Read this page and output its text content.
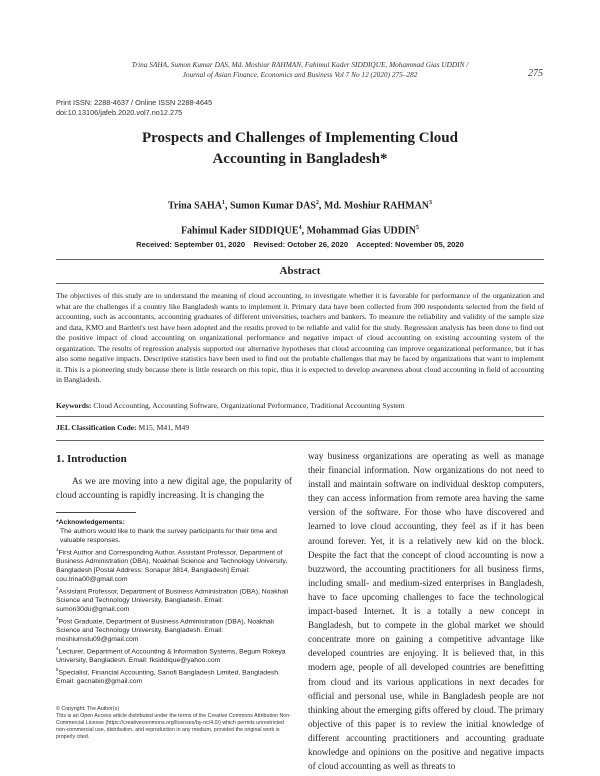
Trina SAHA, Sumon Kumar DAS, Md. Moshiur RAHMAN, Fahimul Kader SIDDIQUE, Mohammad Gias UDDIN /
Journal of Asian Finance, Economics and Business Vol 7 No 12 (2020) 275–282	275
Print ISSN: 2288-4637 / Online ISSN 2288-4645
doi:10.13106/jafeb.2020.vol7.no12.275
Prospects and Challenges of Implementing Cloud
Accounting in Bangladesh*
Trina SAHA$^1$, Sumon Kumar DAS$^2$, Md. Moshiur RAHMAN$^3$
Fahimul Kader SIDDIQUE$^4$, Mohammad Gias UDDIN$^5$
Received: September 01, 2020    Revised: October 26, 2020    Accepted: November 05, 2020
Abstract
The objectives of this study are to understand the meaning of cloud accounting, to investigate whether it is favorable for performance of the organization and what are the challenges if a country like Bangladesh wants to implement it. Primary data have been collected from 300 respondents selected from the field of accounting, such as accountants, accounting graduates of different universities, teachers and bankers. To measure the reliability and validity of the sample size and data, KMO and Bartlett's test have been adopted and the results proved to be reliable and valid for the study. Regression analysis has been done to find out the positive impact of cloud accounting on organizational performance and negative impact of cloud accounting on existing accounting system of the organization. The results of regression analysis supported our alternative hypotheses that cloud accounting can improve organizational performance, but it has also some negative impacts. Descriptive statistics have been used to find out the probable challenges that may be faced by organizations that want to implement it. This is a pioneering study because there is little research on this topic, thus it is expected to develop awareness about cloud accounting in field of accounting in Bangladesh.
Keywords: Cloud Accounting, Accounting Software, Organizational Performance, Traditional Accounting System
JEL Classification Code: M15, M41, M49
1. Introduction
As we are moving into a new digital age, the popularity of cloud accounting is rapidly increasing. It is changing the
way business organizations are operating as well as manage their financial information. Now organizations do not need to install and maintain software on individual desktop computers, they can access information from remote area having the same version of the software. For those who have discovered and learned to love cloud accounting, they feel as if it has been around forever. Yet, it is a relatively new kid on the block. Despite the fact that the concept of cloud accounting is now a buzzword, the accounting practitioners for all business firms, including small- and medium-sized enterprises in Bangladesh, have to face upcoming challenges to face the technological impact-based Internet. It is a totally a new concept in Bangladesh, but to compete in the global market we should concentrate more on gaining a competitive advantage like developed countries are enjoying. It is believed that, in this modern age, people of all developed countries are benefitting from cloud and its various applications in next decades for official and personal use, while in Bangladesh people are not thinking about the emerging gifts offered by cloud. The primary objective of this paper is to review the initial knowledge of different accounting practitioners and accounting graduate knowledge and opinions on the positive and negative impacts of cloud accounting as well as threats to
*Acknowledgements:
The authors would like to thank the survey participants for their time and valuable responses.
$^1$First Author and Corresponding Author. Assistant Professor, Department of Business Administration (DBA), Noakhali Science and Technology University, Bangladesh [Postal Address: Sonapur 3814, Bangladesh] Email: cou.trina00@gmail.com
$^2$Assistant Professor, Department of Business Administration (DBA), Noakhali Science and Technology University, Bangladesh. Email: sumon30du@gmail.com
$^3$Post Graduate, Department of Business Administration (DBA), Noakhali Science and Technology University, Bangladesh. Email: moshiurnstu09@gmail.com
$^4$Lecturer, Department of Accounting & Information Systems, Begum Rokeya University, Bangladesh. Email: fksiddique@yahoo.com
$^5$Specialist, Financial Accounting, Sanofi Bangladesh Limited, Bangladesh. Email: gacnabin@gmail.com
© Copyright: The Author(s)
This is an Open Access article distributed under the terms of the Creative Commons Attribution Non-Commercial License (https://creativecommons.org/licenses/by-nc/4.0/) which permits unrestricted non-commercial use, distribution, and reproduction in any medium, provided the original work is properly cited.
